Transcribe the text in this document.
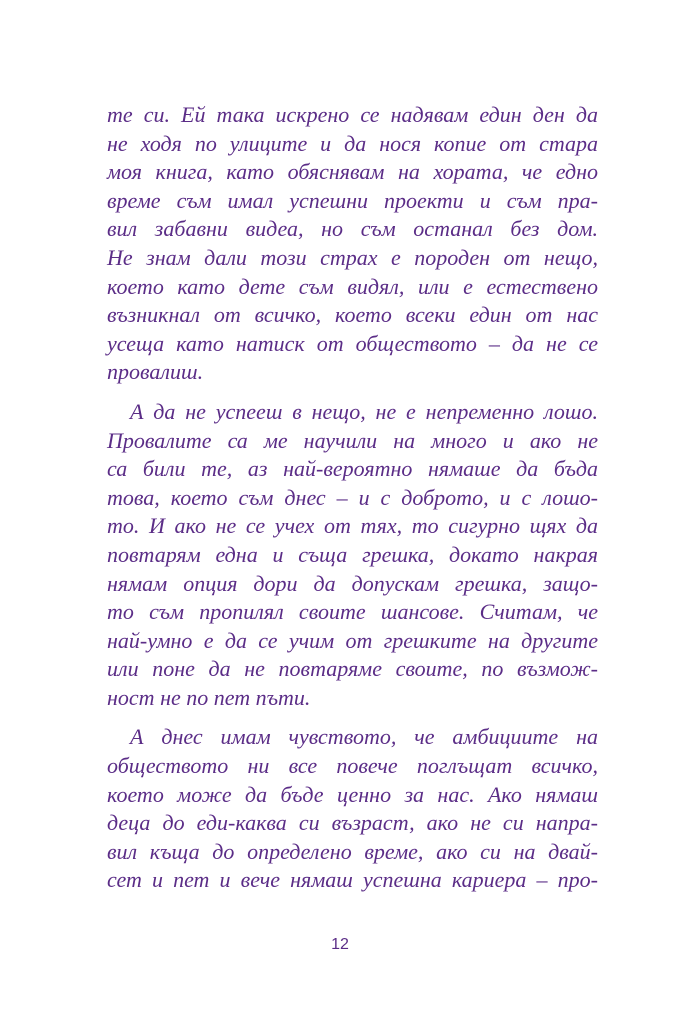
те си. Ей така искрено се надявам един ден да
не ходя по улиците и да нося копие от стара
моя книга, като обяснявам на хората, че едно
време съм имал успешни проекти и съм пра-
вил забавни видеа, но съм останал без дом.
Не знам дали този страх е породен от нещо,
което като дете съм видял, или е естествено
възникнал от всичко, което всеки един от нас
усеща като натиск от обществото – да не се
провалиш.
А да не успееш в нещо, не е непременно лошо.
Провалите са ме научили на много и ако не
са били те, аз най-вероятно нямаше да бъда
това, което съм днес – и с доброто, и с лошо-
то. И ако не се учех от тях, то сигурно щях да
повтарям една и съща грешка, докато накрая
нямам опция дори да допускам грешка, защо-
то съм пропилял своите шансове. Считам, че
най-умно е да се учим от грешките на другите
или поне да не повтаряме своите, по възмож-
ност не по пет пъти.
А днес имам чувството, че амбициите на
обществото ни все повече поглъщат всичко,
което може да бъде ценно за нас. Ако нямаш
деца до еди-каква си възраст, ако не си напра-
вил къща до определено време, ако си на двай-
сет и пет и вече нямаш успешна кариера – про-
12
